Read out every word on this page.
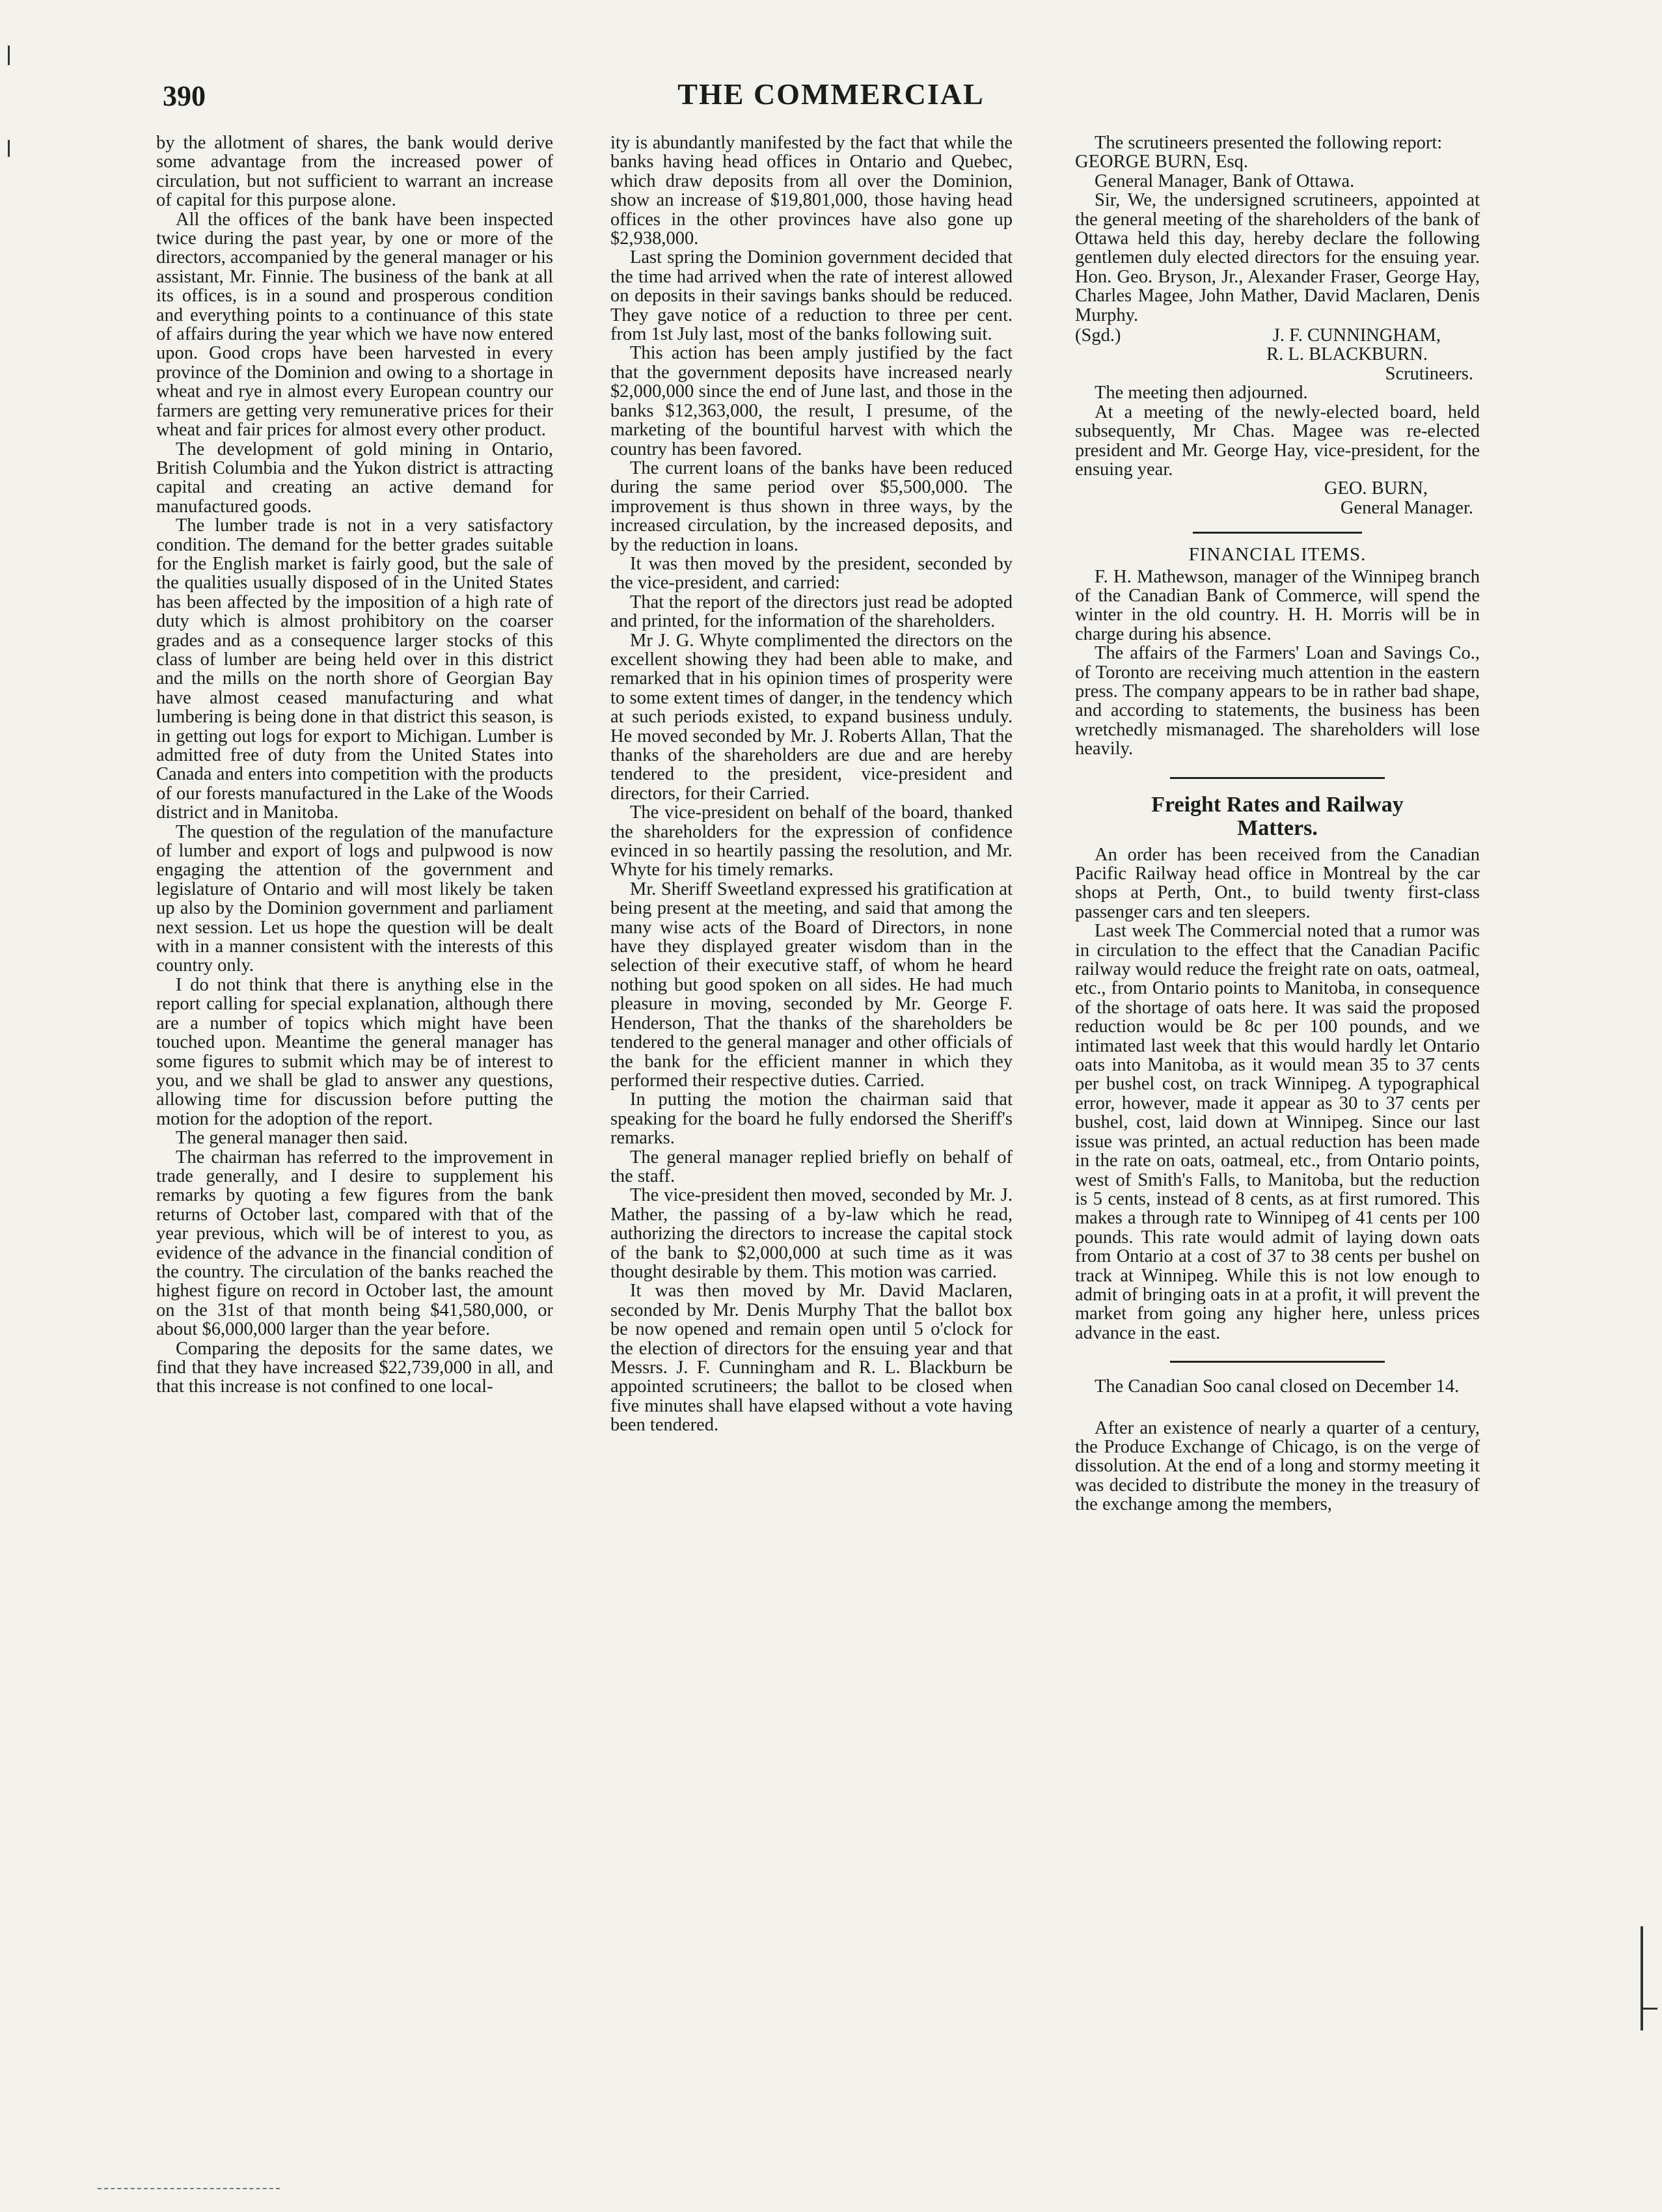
390	THE COMMERCIAL

by the allotment of shares, the bank would derive some advantage from the increased power of circulation, but not sufficient to warrant an increase of capital for this purpose alone.

All the offices of the bank have been inspected twice during the past year, by one or more of the directors, accompanied by the general manager or his assistant, Mr. Finnie. The business of the bank at all its offices, is in a sound and prosperous condition and everything points to a continuance of this state of affairs during the year which we have now entered upon. Good crops have been harvested in every province of the Dominion and owing to a shortage in wheat and rye in almost every European country our farmers are getting very remunerative prices for their wheat and fair prices for almost every other product.

The development of gold mining in Ontario, British Columbia and the Yukon district is attracting capital and creating an active demand for manufactured goods.

The lumber trade is not in a very satisfactory condition. The demand for the better grades suitable for the English market is fairly good, but the sale of the qualities usually disposed of in the United States has been affected by the imposition of a high rate of duty which is almost prohibitory on the coarser grades and as a consequence larger stocks of this class of lumber are being held over in this district and the mills on the north shore of Georgian Bay have almost ceased manufacturing and what lumbering is being done in that district this season, is in getting out logs for export to Michigan. Lumber is admitted free of duty from the United States into Canada and enters into competition with the products of our forests manufactured in the Lake of the Woods district and in Manitoba.

The question of the regulation of the manufacture of lumber and export of logs and pulpwood is now engaging the attention of the government and legislature of Ontario and will most likely be taken up also by the Dominion government and parliament next session. Let us hope the question will be dealt with in a manner consistent with the interests of this country only.

I do not think that there is anything else in the report calling for special explanation, although there are a number of topics which might have been touched upon. Meantime the general manager has some figures to submit which may be of interest to you, and we shall be glad to answer any questions, allowing time for discussion before putting the motion for the adoption of the report.

The general manager then said.

The chairman has referred to the improvement in trade generally, and I desire to supplement his remarks by quoting a few figures from the bank returns of October last, compared with that of the year previous, which will be of interest to you, as evidence of the advance in the financial condition of the country. The circulation of the banks reached the highest figure on record in October last, the amount on the 31st of that month being $41,580,000, or about $6,000,000 larger than the year before.

Comparing the deposits for the same dates, we find that they have increased $22,739,000 in all, and that this increase is not confined to one local-

ity is abundantly manifested by the fact that while the banks having head offices in Ontario and Quebec, which draw deposits from all over the Dominion, show an increase of $19,801,000, those having head offices in the other provinces have also gone up $2,938,000.

Last spring the Dominion government decided that the time had arrived when the rate of interest allowed on deposits in their savings banks should be reduced. They gave notice of a reduction to three per cent. from 1st July last, most of the banks following suit.

This action has been amply justified by the fact that the government deposits have increased nearly $2,000,000 since the end of June last, and those in the banks $12,363,000, the result, I presume, of the marketing of the bountiful harvest with which the country has been favored.

The current loans of the banks have been reduced during the same period over $5,500,000. The improvement is thus shown in three ways, by the increased circulation, by the increased deposits, and by the reduction in loans.

It was then moved by the president, seconded by the vice-president, and carried:

That the report of the directors just read be adopted and printed, for the information of the shareholders.

Mr J. G. Whyte complimented the directors on the excellent showing they had been able to make, and remarked that in his opinion times of prosperity were to some extent times of danger, in the tendency which at such periods existed, to expand business unduly. He moved seconded by Mr. J. Roberts Allan, That the thanks of the shareholders are due and are hereby tendered to the president, vice-president and directors, for their Carried.

The vice-president on behalf of the board, thanked the shareholders for the expression of confidence evinced in so heartily passing the resolution, and Mr. Whyte for his timely remarks.

Mr. Sheriff Sweetland expressed his gratification at being present at the meeting, and said that among the many wise acts of the Board of Directors, in none have they displayed greater wisdom than in the selection of their executive staff, of whom he heard nothing but good spoken on all sides. He had much pleasure in moving, seconded by Mr. George F. Henderson, That the thanks of the shareholders be tendered to the general manager and other officials of the bank for the efficient manner in which they performed their respective duties. Carried.

In putting the motion the chairman said that speaking for the board he fully endorsed the Sheriff's remarks.

The general manager replied briefly on behalf of the staff.

The vice-president then moved, seconded by Mr. J. Mather, the passing of a by-law which he read, authorizing the directors to increase the capital stock of the bank to $2,000,000 at such time as it was thought desirable by them. This motion was carried.

It was then moved by Mr. David Maclaren, seconded by Mr. Denis Murphy That the ballot box be now opened and remain open until 5 o'clock for the election of directors for the ensuing year and that Messrs. J. F. Cunningham and R. L. Blackburn be appointed scrutineers; the ballot to be closed when five minutes shall have elapsed without a vote having been tendered.

The scrutineers presented the following report:

GEORGE BURN, Esq.

General Manager, Bank of Ottawa.

Sir, We, the undersigned scrutineers, appointed at the general meeting of the shareholders of the bank of Ottawa held this day, hereby declare the following gentlemen duly elected directors for the ensuing year. Hon. Geo. Bryson, Jr., Alexander Fraser, George Hay, Charles Magee, John Mather, David Maclaren, Denis Murphy.

(Sgd.)	J. F. CUNNINGHAM,
R. L. BLACKBURN.
Scrutineers.

The meeting then adjourned.

At a meeting of the newly-elected board, held subsequently, Mr Chas. Magee was re-elected president and Mr. George Hay, vice-president, for the ensuing year.

GEO. BURN,
General Manager.
FINANCIAL ITEMS.

F. H. Mathewson, manager of the Winnipeg branch of the Canadian Bank of Commerce, will spend the winter in the old country. H. H. Morris will be in charge during his absence.

The affairs of the Farmers' Loan and Savings Co., of Toronto are receiving much attention in the eastern press. The company appears to be in rather bad shape, and according to statements, the business has been wretchedly mismanaged. The shareholders will lose heavily.

Freight Rates and Railway
Matters.

An order has been received from the Canadian Pacific Railway head office in Montreal by the car shops at Perth, Ont., to build twenty first-class passenger cars and ten sleepers.

Last week The Commercial noted that a rumor was in circulation to the effect that the Canadian Pacific railway would reduce the freight rate on oats, oatmeal, etc., from Ontario points to Manitoba, in consequence of the shortage of oats here. It was said the proposed reduction would be 8c per 100 pounds, and we intimated last week that this would hardly let Ontario oats into Manitoba, as it would mean 35 to 37 cents per bushel cost, on track Winnipeg. A typographical error, however, made it appear as 30 to 37 cents per bushel, cost, laid down at Winnipeg. Since our last issue was printed, an actual reduction has been made in the rate on oats, oatmeal, etc., from Ontario points, west of Smith's Falls, to Manitoba, but the reduction is 5 cents, instead of 8 cents, as at first rumored. This makes a through rate to Winnipeg of 41 cents per 100 pounds. This rate would admit of laying down oats from Ontario at a cost of 37 to 38 cents per bushel on track at Winnipeg. While this is not low enough to admit of bringing oats in at a profit, it will prevent the market from going any higher here, unless prices advance in the east.

The Canadian Soo canal closed on December 14.

After an existence of nearly a quarter of a century, the Produce Exchange of Chicago, is on the verge of dissolution. At the end of a long and stormy meeting it was decided to distribute the money in the treasury of the exchange among the members,
